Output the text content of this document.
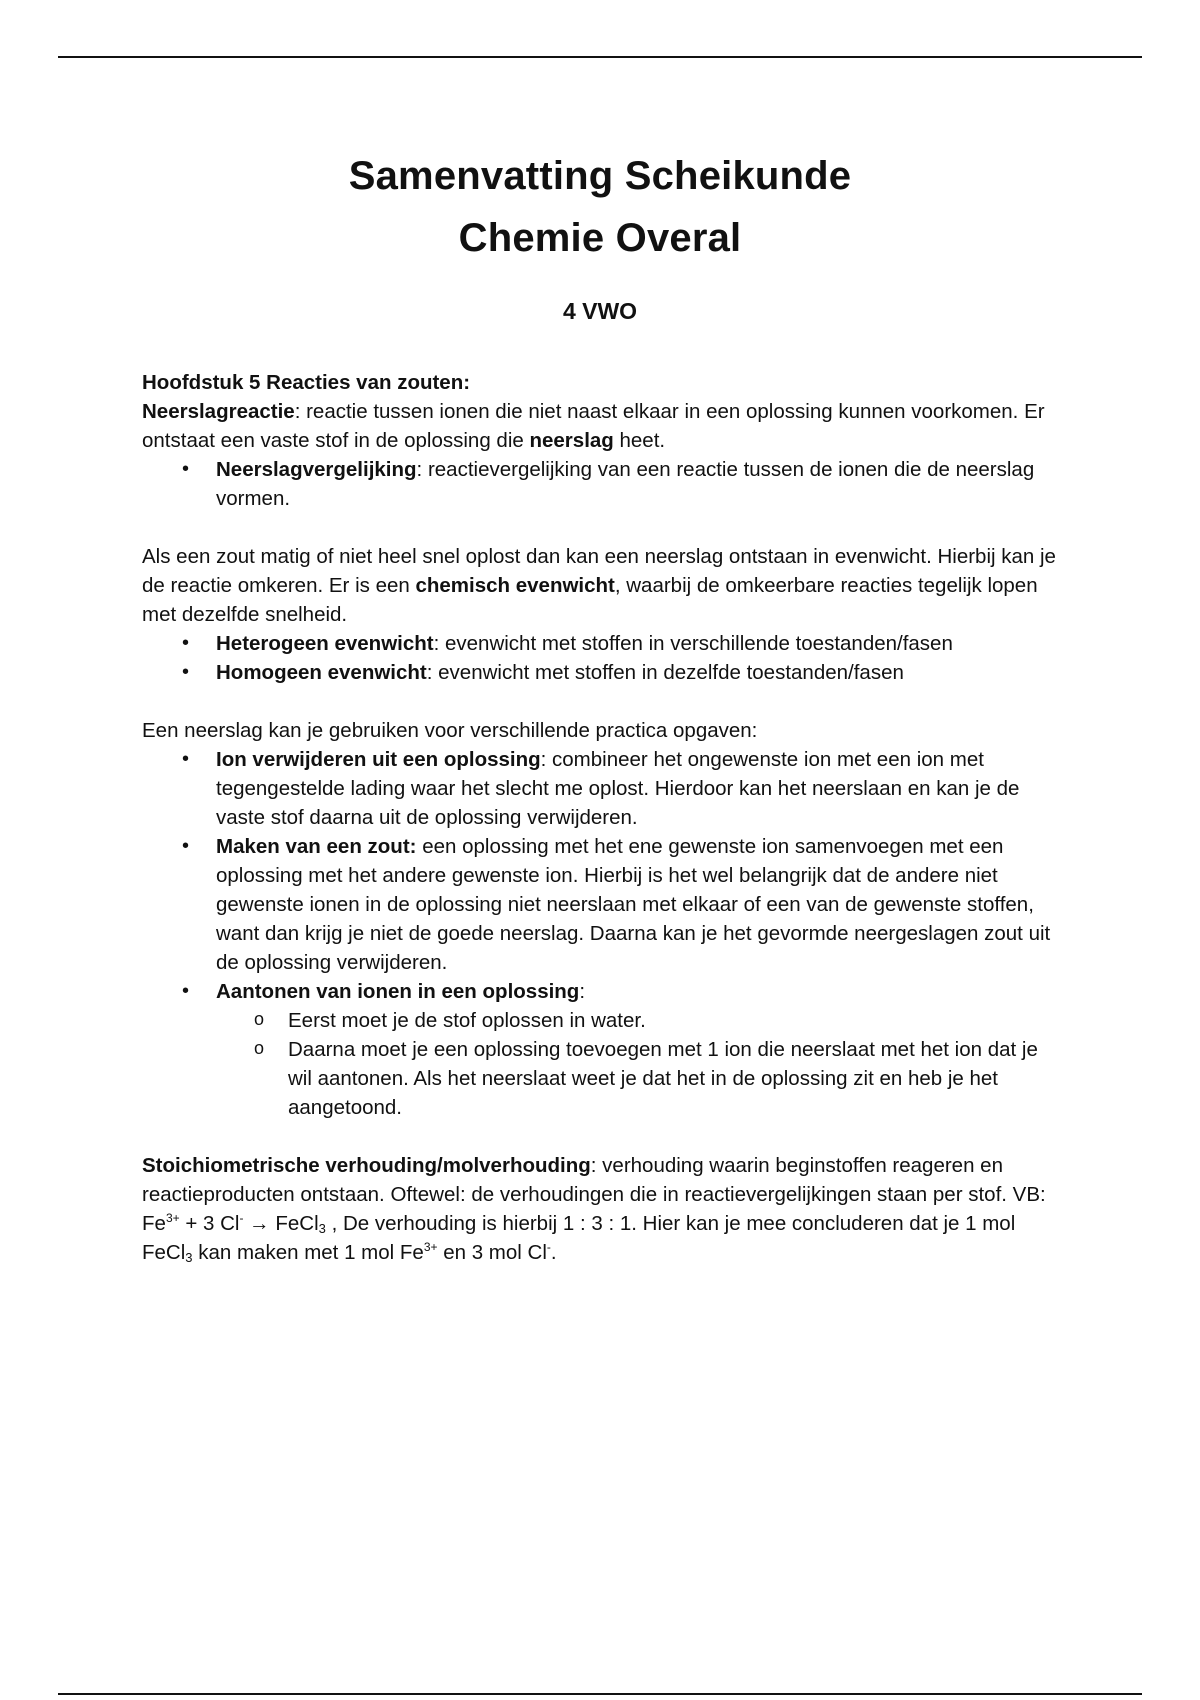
Samenvatting Scheikunde
Chemie Overal
4 VWO

Hoofdstuk 5 Reacties van zouten:

Neerslagreactie: reactie tussen ionen die niet naast elkaar in een oplossing kunnen voorkomen. Er ontstaat een vaste stof in de oplossing die neerslag heet.

• Neerslagvergelijking: reactievergelijking van een reactie tussen de ionen die de neerslag vormen.

Als een zout matig of niet heel snel oplost dan kan een neerslag ontstaan in evenwicht. Hierbij kan je de reactie omkeren. Er is een chemisch evenwicht, waarbij de omkeerbare reacties tegelijk lopen met dezelfde snelheid.

• Heterogeen evenwicht: evenwicht met stoffen in verschillende toestanden/fasen
• Homogeen evenwicht: evenwicht met stoffen in dezelfde toestanden/fasen

Een neerslag kan je gebruiken voor verschillende practica opgaven:

• Ion verwijderen uit een oplossing: combineer het ongewenste ion met een ion met tegengestelde lading waar het slecht me oplost. Hierdoor kan het neerslaan en kan je de vaste stof daarna uit de oplossing verwijderen.
• Maken van een zout: een oplossing met het ene gewenste ion samenvoegen met een oplossing met het andere gewenste ion. Hierbij is het wel belangrijk dat de andere niet gewenste ionen in de oplossing niet neerslaan met elkaar of een van de gewenste stoffen, want dan krijg je niet de goede neerslag. Daarna kan je het gevormde neergeslagen zout uit de oplossing verwijderen.
• Aantonen van ionen in een oplossing:
o Eerst moet je de stof oplossen in water.
o Daarna moet je een oplossing toevoegen met 1 ion die neerslaat met het ion dat je wil aantonen. Als het neerslaat weet je dat het in de oplossing zit en heb je het aangetoond.

Stoichiometrische verhouding/molverhouding: verhouding waarin beginstoffen reageren en reactieproducten ontstaan. Oftewel: de verhoudingen die in reactievergelijkingen staan per stof. VB: $Fe^{3+} + 3$ Cl- → FeCl$_3$ , De verhouding is hierbij 1 : 3 : 1. Hier kan je mee concluderen dat je 1 mol FeCl$_3$ kan maken met 1 mol $Fe^{3+}$ en 3 mol Cl-.
